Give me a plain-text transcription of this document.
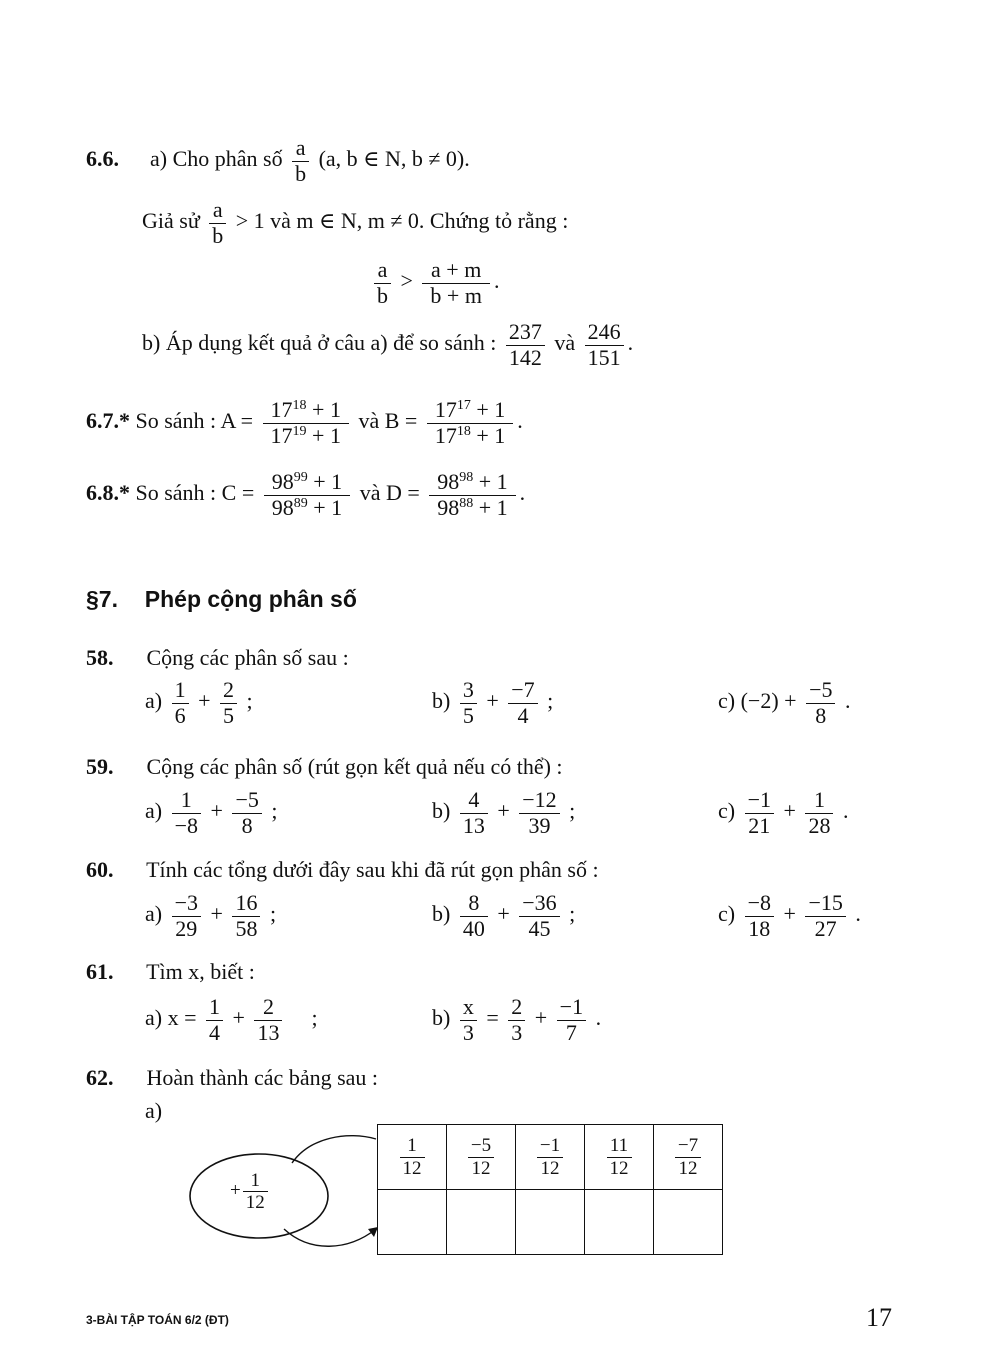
6.6. a) Cho phân số $\frac{a}{b} (a$, b ∈ N, b ≠ 0).
Giả sử $\frac{a}{b} > 1$ và m ∈ N, m ≠ 0. Chứng tỏ rằng :
$\frac{a}{b} > \frac{a + m}{b + m}$ .
b) Áp dụng kết quả ở câu a) để so sánh : $\frac{237}{142}$ và $\frac{246}{151}$ .
6.7.* So sánh : $A = \frac{17^{18} + 1}{17^{19} + 1}$ và $B = \frac{17^{17} + 1}{17^{18} + 1}$ .
6.8.* So sánh : $C = \frac{98^{99} + 1}{98^{89} + 1}$ và $D = \frac{98^{98} + 1}{98^{88} + 1}$ .
§7. Phép cộng phân số
58. Cộng các phân số sau :
$a) \frac{1}{6} + \frac{2}{5}$ ;	$b) \frac{3}{5} + \frac{-7}{4}$ ;	c) $(-2) + \frac{-5}{8}$ .
59. Cộng các phân số (rút gọn kết quả nếu có thể) :
$a) \frac{1}{-8} + \frac{-5}{8}$ ;	$b) \frac{4}{13} + \frac{-12}{39}$ ;	$c) \frac{-1}{21} + \frac{1}{28}$ .
60. Tính các tổng dưới đây sau khi đã rút gọn phân số :
$a) \frac{-3}{29} + \frac{16}{58}$ ;	$b) \frac{8}{40} + \frac{-36}{45}$ ;	$c) \frac{-8}{18} + \frac{-15}{27}$ .
61. Tìm x, biết :
a) $x = \frac{1}{4} + \frac{2}{13}$ ;	$b) \frac{x}{3} = \frac{2}{3} + \frac{-1}{7}$ .
62. Hoàn thành các bảng sau :
a)
+ $\frac{1}{12}$
$\frac{1}{12}$	$\frac{-5}{12}$	$\frac{-1}{12}$	$\frac{11}{12}$	$\frac{-7}{12}$

3-BÀI TẬP TOÁN 6/2 (ĐT)	17
